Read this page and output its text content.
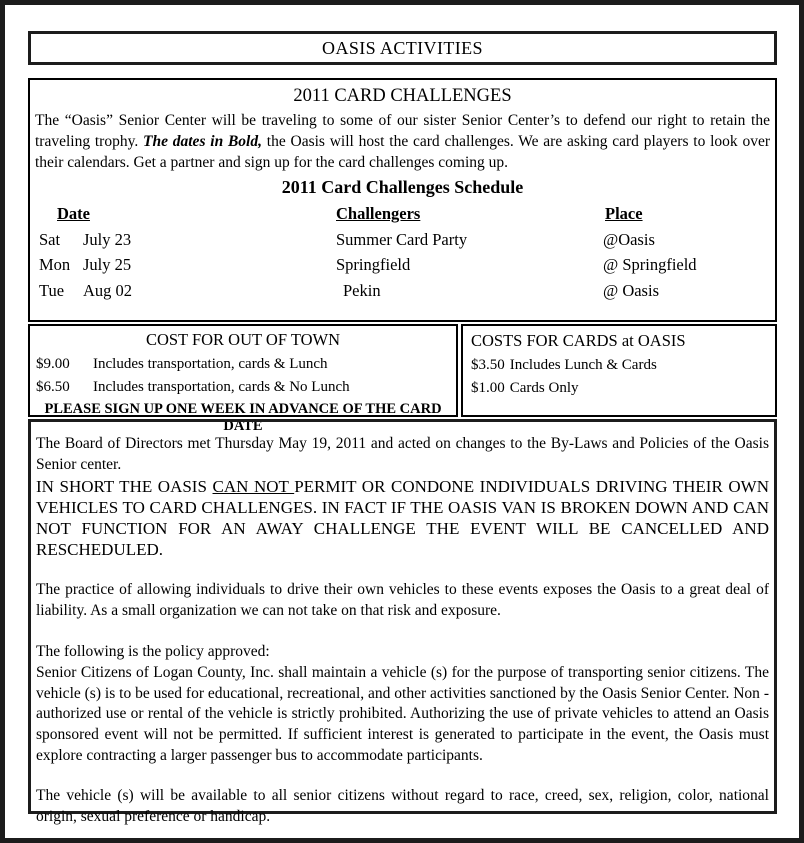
OASIS ACTIVITIES
2011 CARD CHALLENGES

The “Oasis” Senior Center will be traveling to some of our sister Senior Center’s to defend our right to retain the traveling trophy. The dates in Bold, the Oasis will host the card challenges. We are asking card players to look over their calendars. Get a partner and sign up for the card challenges coming up.

2011 Card Challenges Schedule
Date	Challengers	Place
Sat	July 23	Summer Card Party	@Oasis
Mon July 25	Springfield	@ Springfield
Tue	Aug 02	Pekin	@ Oasis
COST FOR OUT OF TOWN
$9.00	Includes transportation, cards & Lunch
$6.50	Includes transportation, cards & No Lunch
PLEASE SIGN UP ONE WEEK IN ADVANCE OF THE CARD DATE
COSTS FOR CARDS at OASIS
$3.50 Includes Lunch & Cards
$1.00 Cards Only

The Board of Directors met Thursday May 19, 2011 and acted on changes to the By-Laws and Policies of the Oasis Senior center.

IN SHORT THE OASIS CAN NOT PERMIT OR CONDONE INDIVIDUALS DRIVING THEIR OWN VEHICLES TO CARD CHALLENGES. IN FACT IF THE OASIS VAN IS BROKEN DOWN AND CAN NOT FUNCTION FOR AN AWAY CHALLENGE THE EVENT WILL BE CANCELLED AND RESCHEDULED.

The practice of allowing individuals to drive their own vehicles to these events exposes the Oasis to a great deal of liability. As a small organization we can not take on that risk and exposure.

The following is the policy approved:

Senior Citizens of Logan County, Inc. shall maintain a vehicle (s) for the purpose of transporting senior citizens. The vehicle (s) is to be used for educational, recreational, and other activities sanctioned by the Oasis Senior Center. Non -authorized use or rental of the vehicle is strictly prohibited. Authorizing the use of private vehicles to attend an Oasis sponsored event will not be permitted. If sufficient interest is generated to participate in the event, the Oasis must explore contracting a larger passenger bus to accommodate participants.

The vehicle (s) will be available to all senior citizens without regard to race, creed, sex, religion, color, national origin, sexual preference or handicap.
